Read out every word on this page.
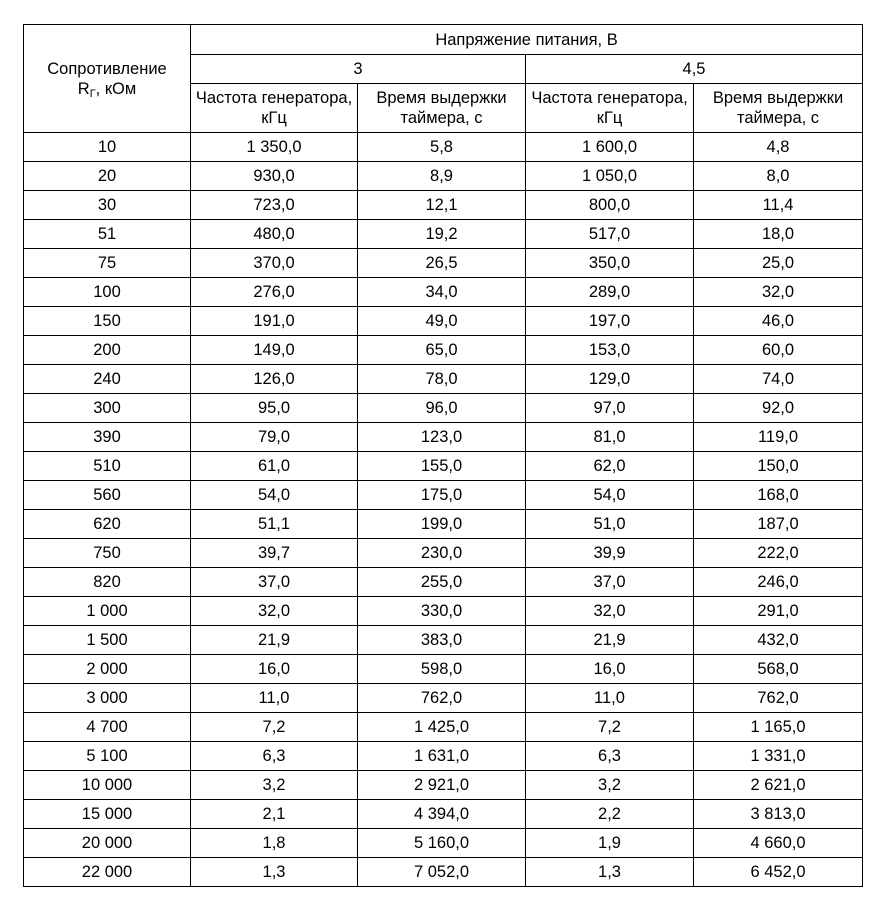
Сопротивление
$R_Г$, кОм	Напряжение питания, В			
	3		4,5	
	Частота генератора, кГц	Время выдержки таймера, с	Частота генератора, кГц	Время выдержки таймера, с
10	1 350,0	5,8	1 600,0	4,8
20	930,0	8,9	1 050,0	8,0
30	723,0	12,1	800,0	11,4
51	480,0	19,2	517,0	18,0
75	370,0	26,5	350,0	25,0
100	276,0	34,0	289,0	32,0
150	191,0	49,0	197,0	46,0
200	149,0	65,0	153,0	60,0
240	126,0	78,0	129,0	74,0
300	95,0	96,0	97,0	92,0
390	79,0	123,0	81,0	119,0
510	61,0	155,0	62,0	150,0
560	54,0	175,0	54,0	168,0
620	51,1	199,0	51,0	187,0
750	39,7	230,0	39,9	222,0
820	37,0	255,0	37,0	246,0
1 000	32,0	330,0	32,0	291,0
1 500	21,9	383,0	21,9	432,0
2 000	16,0	598,0	16,0	568,0
3 000	11,0	762,0	11,0	762,0
4 700	7,2	1 425,0	7,2	1 165,0
5 100	6,3	1 631,0	6,3	1 331,0
10 000	3,2	2 921,0	3,2	2 621,0
15 000	2,1	4 394,0	2,2	3 813,0
20 000	1,8	5 160,0	1,9	4 660,0
22 000	1,3	7 052,0	1,3	6 452,0
